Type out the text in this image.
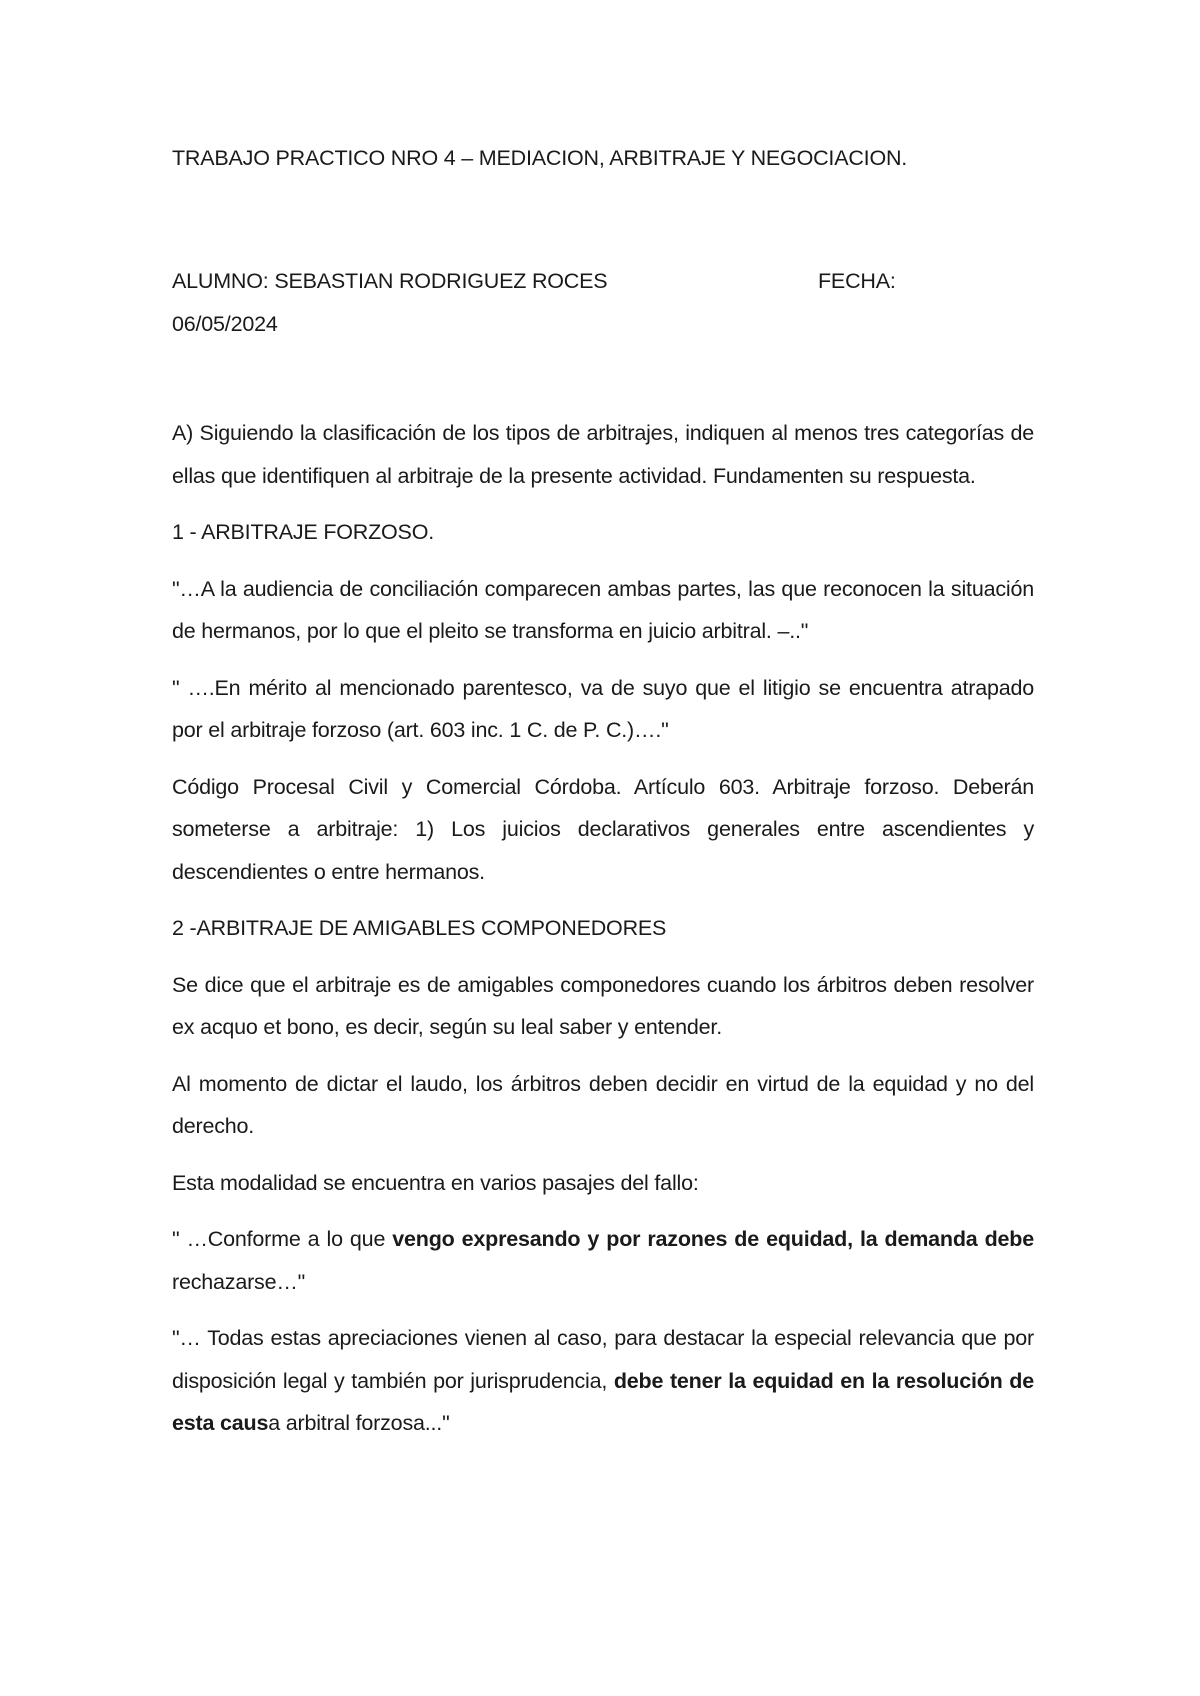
TRABAJO PRACTICO NRO 4 – MEDIACION, ARBITRAJE Y NEGOCIACION.
ALUMNO: SEBASTIAN RODRIGUEZ ROCES	FECHA:
06/05/2024

A) Siguiendo la clasificación de los tipos de arbitrajes, indiquen al menos tres categorías de ellas que identifiquen al arbitraje de la presente actividad. Fundamenten su respuesta.

1 - ARBITRAJE FORZOSO.

"…A la audiencia de conciliación comparecen ambas partes, las que reconocen la situación de hermanos, por lo que el pleito se transforma en juicio arbitral. –.."

" ….En mérito al mencionado parentesco, va de suyo que el litigio se encuentra atrapado por el arbitraje forzoso (art. 603 inc. 1 C. de P. C.)…."

Código Procesal Civil y Comercial Córdoba. Artículo 603. Arbitraje forzoso. Deberán someterse a arbitraje: 1) Los juicios declarativos generales entre ascendientes y descendientes o entre hermanos.

2 -ARBITRAJE DE AMIGABLES COMPONEDORES

Se dice que el arbitraje es de amigables componedores cuando los árbitros deben resolver ex acquo et bono, es decir, según su leal saber y entender.

Al momento de dictar el laudo, los árbitros deben decidir en virtud de la equidad y no del derecho.

Esta modalidad se encuentra en varios pasajes del fallo:

" …Conforme a lo que vengo expresando y por razones de equidad, la demanda debe rechazarse…"

"… Todas estas apreciaciones vienen al caso, para destacar la especial relevancia que por disposición legal y también por jurisprudencia, debe tener la equidad en la resolución de esta causa arbitral forzosa..."
